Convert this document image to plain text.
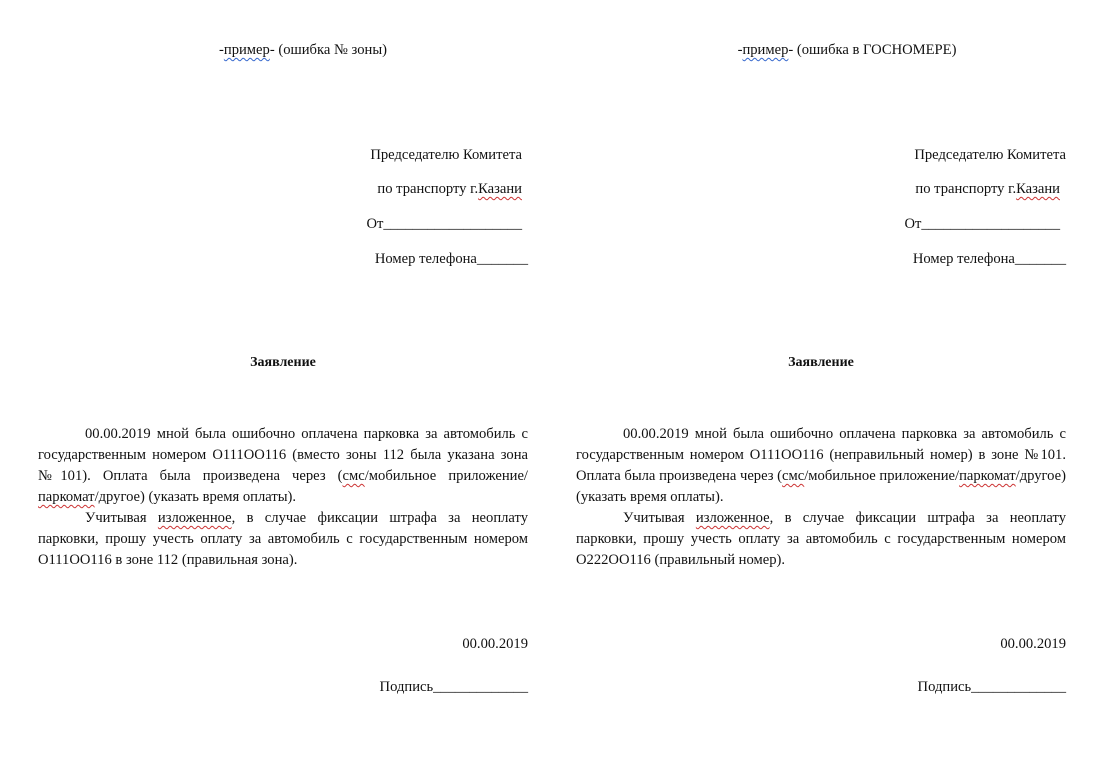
-пример- (ошибка № зоны)
Председателю Комитета
по транспорту г.Казани
От___________________
Номер телефона_______
Заявление

00.00.2019 мной была ошибочно оплачена парковка за автомобиль с государственным номером О111ОО116 (вместо зоны 112 была указана зона №101). Оплата была произведена через (смс/мобильное приложение/паркомат/другое) (указать время оплаты).

Учитывая изложенное, в случае фиксации штрафа за неоплату парковки, прошу учесть оплату за автомобиль с государственным номером О111ОО116 в зоне 112 (правильная зона).

00.00.2019
Подпись_____________
-пример- (ошибка в ГОСНОМЕРЕ)
Председателю Комитета
по транспорту г.Казани
От___________________
Номер телефона_______
Заявление

00.00.2019 мной была ошибочно оплачена парковка за автомобиль с государственным номером О111ОО116 (неправильный номер) в зоне №101. Оплата была произведена через (смс/мобильное приложение/паркомат/другое) (указать время оплаты).

Учитывая изложенное, в случае фиксации штрафа за неоплату парковки, прошу учесть оплату за автомобиль с государственным номером О222ОО116 (правильный номер).

00.00.2019
Подпись_____________
